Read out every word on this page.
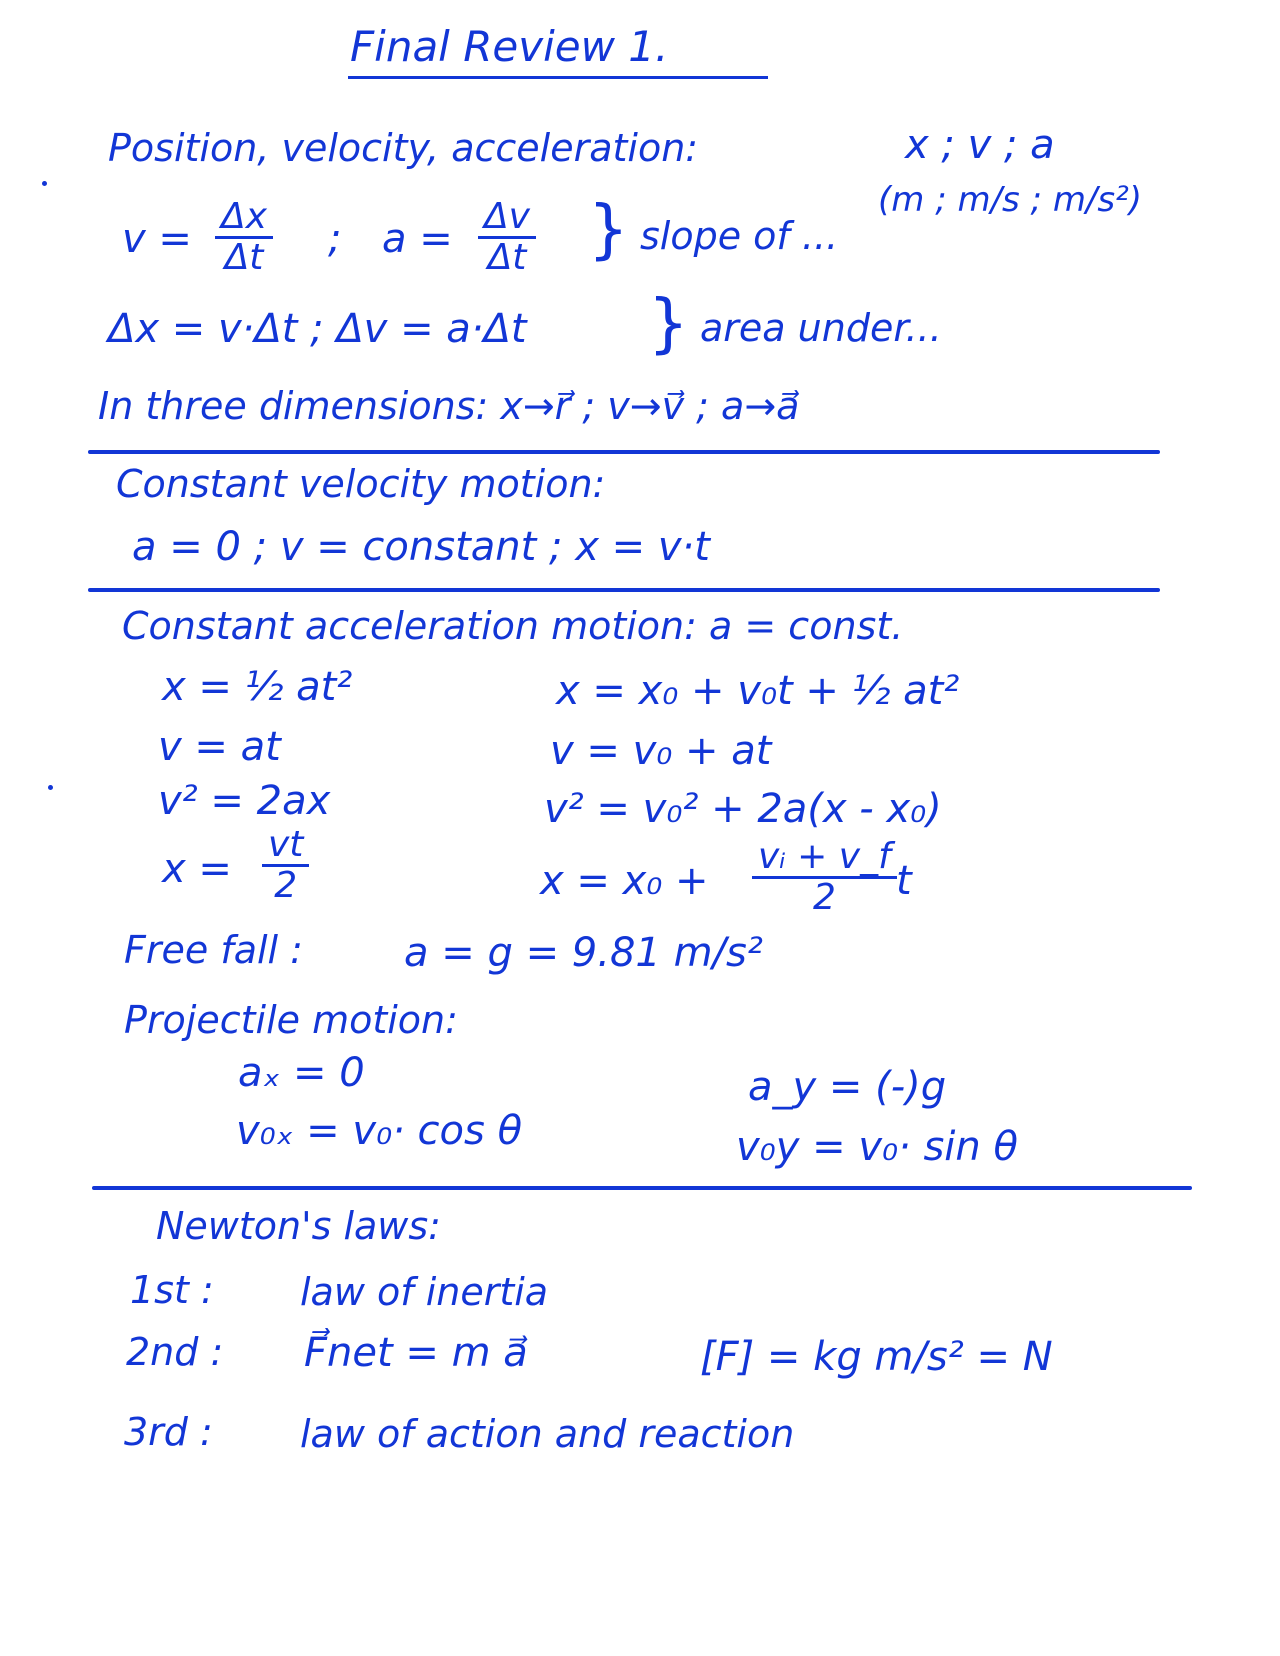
Final Review 1.
Position, velocity, acceleration:	x ; v ; a
(m ; m/s ; m/s²)
$v = \frac{\Delta x}{\Delta t}$ ; $a = \frac{\Delta v}{\Delta t}$ } slope of ...
Δx = v·Δt ; Δv = a·Δt } area under...
In three dimensions: x→r⃗ ; v→v⃗ ; a→a⃗
Constant velocity motion:
a = 0 ; v = constant ; x = v·t
Constant acceleration motion: a = const.
x = ½ at²
v = at
v² = 2ax
$x = \frac{vt}{2}$
x = x₀ + v₀t + ½ at²
v = v₀ + at
v² = v₀² + 2a(x - x₀)
$x = x_0 + \frac{\text{vᵢ + v\_f}}{2}$ t
Free fall :	a = g = 9.81 m/s²
Projectile motion:
aₓ = 0
v₀ₓ = v₀· cos θ
a_y = (-)g
v₀y = v₀· sin θ
Newton's laws:
1st : law of inertia
2nd : F⃗net = m a⃗	[F] = kg m/s² = N
3rd : law of action and reaction
